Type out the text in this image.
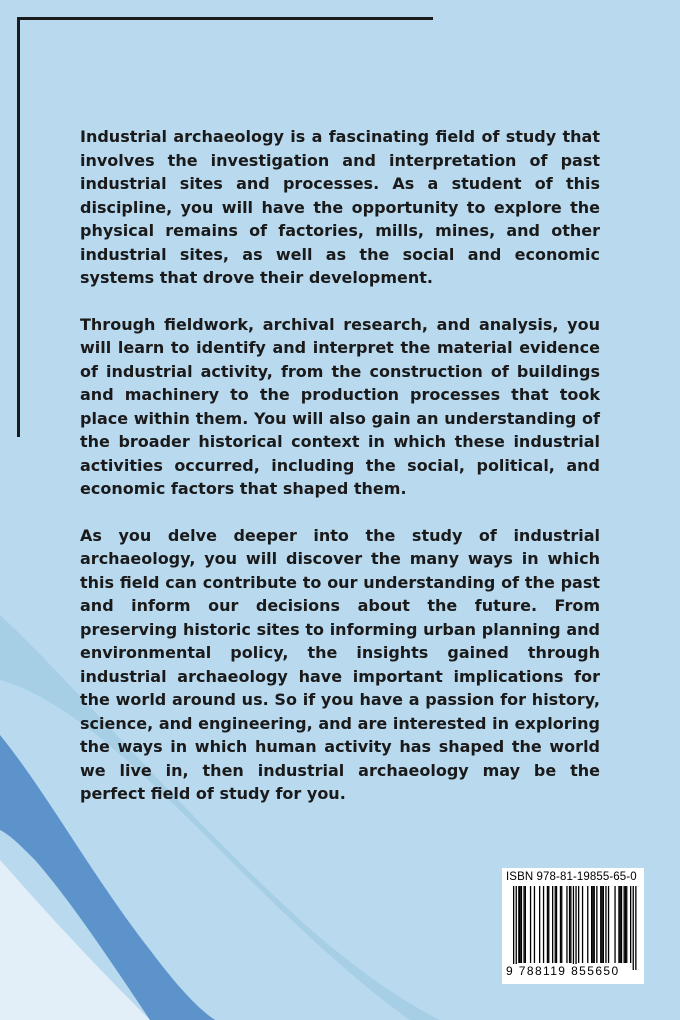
Industrial archaeology is a fascinating field of study that involves the investigation and interpretation of past industrial sites and processes. As a student of this discipline, you will have the opportunity to explore the physical remains of factories, mills, mines, and other industrial sites, as well as the social and economic systems that drove their development.

Through fieldwork, archival research, and analysis, you will learn to identify and interpret the material evidence of industrial activity, from the construction of buildings and machinery to the production processes that took place within them. You will also gain an understanding of the broader historical context in which these industrial activities occurred, including the social, political, and economic factors that shaped them.

As you delve deeper into the study of industrial archaeology, you will discover the many ways in which this field can contribute to our understanding of the past and inform our decisions about the future. From preserving historic sites to informing urban planning and environmental policy, the insights gained through industrial archaeology have important implications for the world around us. So if you have a passion for history, science, and engineering, and are interested in exploring the ways in which human activity has shaped the world we live in, then industrial archaeology may be the perfect field of study for you.

ISBN 978-81-19855-65-0
9 788119 855650
